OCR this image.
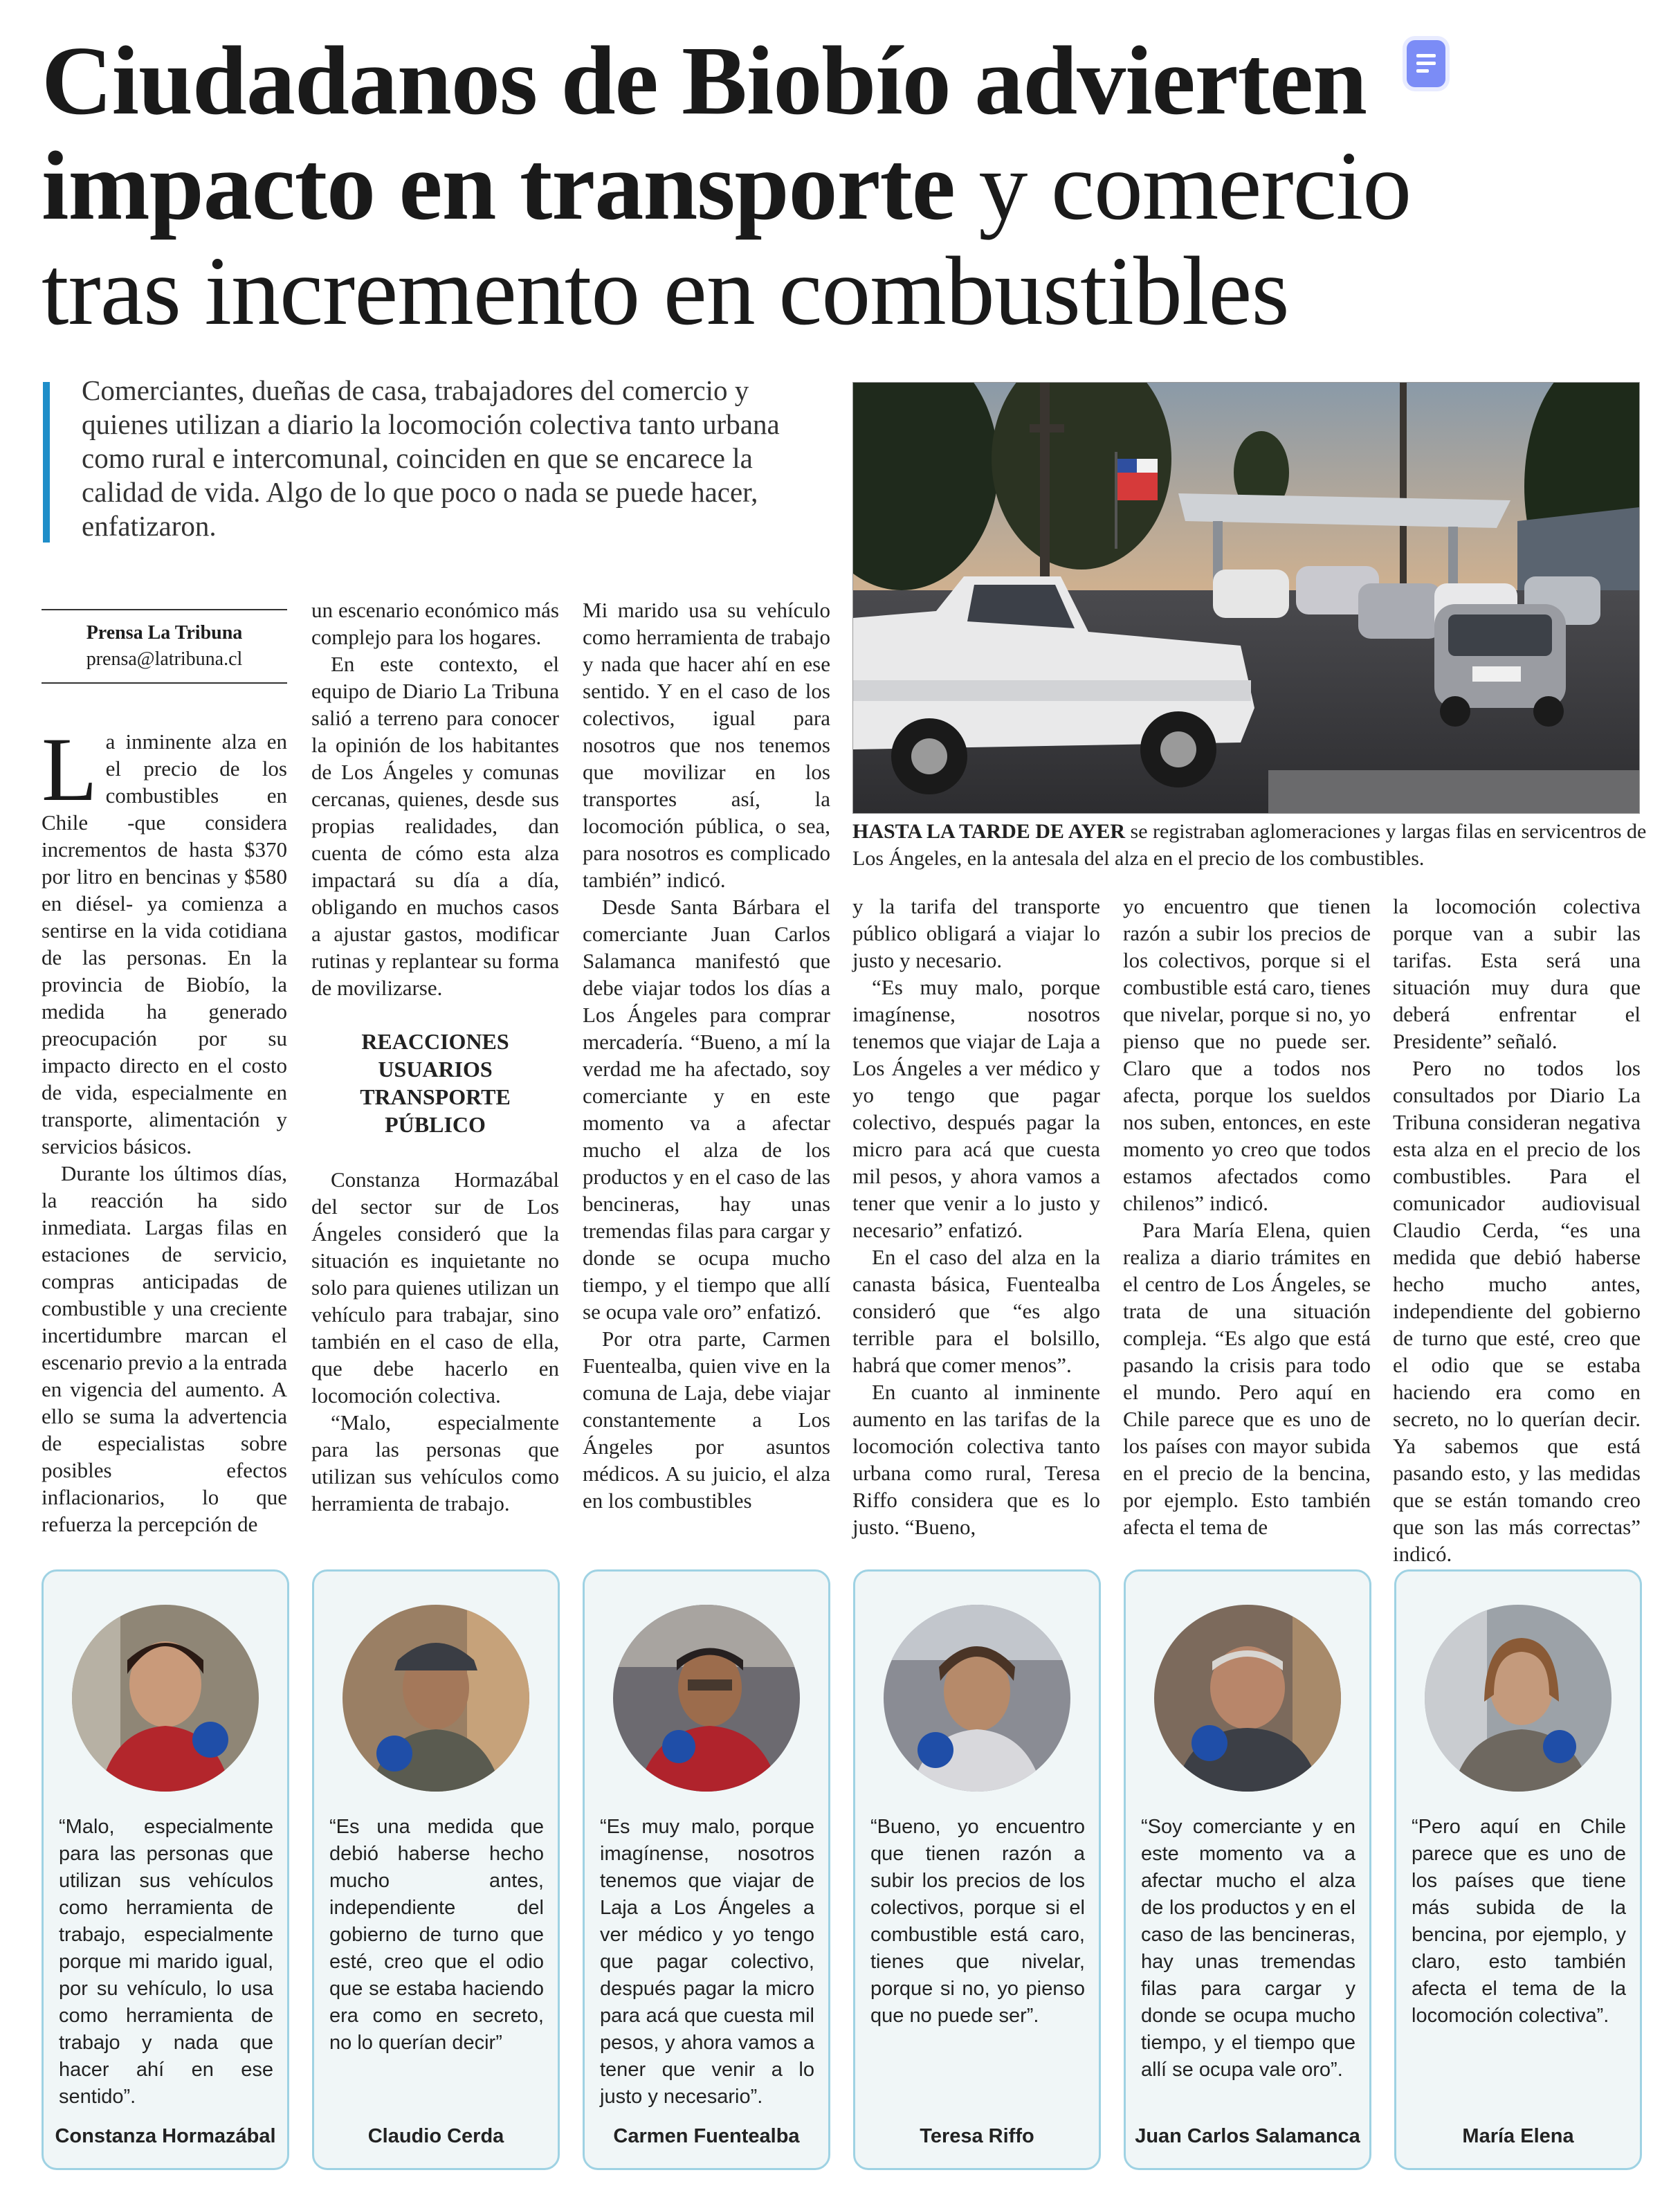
Ciudadanos de Biobío advierten
impacto en transporte y comercio
tras incremento en combustibles
Comerciantes, dueñas de casa, trabajadores del comercio y quienes utilizan a diario la locomoción colectiva tanto urbana como rural e intercomunal, coinciden en que se encarece la calidad de vida. Algo de lo que poco o nada se puede hacer, enfatizaron.
HASTA LA TARDE DE AYER se registraban aglomeraciones y largas filas en servicentros de Los Ángeles, en la antesala del alza en el precio de los combustibles.
Prensa La Tribuna
prensa@latribuna.cl

La inminente alza en el precio de los combustibles en Chile -que considera incrementos de hasta $370 por litro en bencinas y $580 en diésel- ya comienza a sentirse en la vida cotidiana de las personas. En la provincia de Biobío, la medida ha generado preocupación por su impacto directo en el costo de vida, especialmente en transporte, alimentación y servicios básicos.

Durante los últimos días, la reacción ha sido inmediata. Largas filas en estaciones de servicio, compras anticipadas de combustible y una creciente incertidumbre marcan el escenario previo a la entrada en vigencia del aumento. A ello se suma la advertencia de especialistas sobre posibles efectos inflacionarios, lo que refuerza la percepción de

un escenario económico más complejo para los hogares.

En este contexto, el equipo de Diario La Tribuna salió a terreno para conocer la opinión de los habitantes de Los Ángeles y comunas cercanas, quienes, desde sus propias realidades, dan cuenta de cómo esta alza impactará su día a día, obligando en muchos casos a ajustar gastos, modificar rutinas y replantear su forma de movilizarse.

REACCIONES
USUARIOS
TRANSPORTE PÚBLICO

Constanza Hormazábal del sector sur de Los Ángeles consideró que la situación es inquietante no solo para quienes utilizan un vehículo para trabajar, sino también en el caso de ella, que debe hacerlo en locomoción colectiva.

“Malo, especialmente para las personas que utilizan sus vehículos como herramienta de trabajo.

Mi marido usa su vehículo como herramienta de trabajo y nada que hacer ahí en ese sentido. Y en el caso de los colectivos, igual para nosotros que nos tenemos que movilizar en los transportes así, la locomoción pública, o sea, para nosotros es complicado también” indicó.

Desde Santa Bárbara el comerciante Juan Carlos Salamanca manifestó que debe viajar todos los días a Los Ángeles para comprar mercadería. “Bueno, a mí la verdad me ha afectado, soy comerciante y en este momento va a afectar mucho el alza de los productos y en el caso de las bencineras, hay unas tremendas filas para cargar y donde se ocupa mucho tiempo, y el tiempo que allí se ocupa vale oro” enfatizó.

Por otra parte, Carmen Fuentealba, quien vive en la comuna de Laja, debe viajar constantemente a Los Ángeles por asuntos médicos. A su juicio, el alza en los combustibles

y la tarifa del transporte público obligará a viajar lo justo y necesario.

“Es muy malo, porque imagínense, nosotros tenemos que viajar de Laja a Los Ángeles a ver médico y yo tengo que pagar colectivo, después pagar la micro para acá que cuesta mil pesos, y ahora vamos a tener que venir a lo justo y necesario” enfatizó.

En el caso del alza en la canasta básica, Fuentealba consideró que “es algo terrible para el bolsillo, habrá que comer menos”.

En cuanto al inminente aumento en las tarifas de la locomoción colectiva tanto urbana como rural, Teresa Riffo considera que es lo justo. “Bueno,

yo encuentro que tienen razón a subir los precios de los colectivos, porque si el combustible está caro, tienes que nivelar, porque si no, yo pienso que no puede ser. Claro que a todos nos afecta, porque los sueldos nos suben, entonces, en este momento yo creo que todos estamos afectados como chilenos” indicó.

Para María Elena, quien realiza a diario trámites en el centro de Los Ángeles, se trata de una situación compleja. “Es algo que está pasando la crisis para todo el mundo. Pero aquí en Chile parece que es uno de los países con mayor subida en el precio de la bencina, por ejemplo. Esto también afecta el tema de

la locomoción colectiva porque van a subir las tarifas. Esta será una situación muy dura que deberá enfrentar el Presidente” señaló.

Pero no todos los consultados por Diario La Tribuna consideran negativa esta alza en el precio de los combustibles. Para el comunicador audiovisual Claudio Cerda, “es una medida que debió haberse hecho mucho antes, independiente del gobierno de turno que esté, creo que el odio que se estaba haciendo era como en secreto, no lo querían decir. Ya sabemos que está pasando esto, y las medidas que se están tomando creo que son las más correctas” indicó.

“Malo, especialmente para las personas que utilizan sus vehículos como herramienta de trabajo, especialmente porque mi marido igual, por su vehículo, lo usa como herramienta de trabajo y nada que hacer ahí en ese sentido”.
Constanza Hormazábal
“Es una medida que debió haberse hecho mucho antes, independiente del gobierno de turno que esté, creo que el odio que se estaba haciendo era como en secreto, no lo querían decir”
Claudio Cerda
“Es muy malo, porque imagínense, nosotros tenemos que viajar de Laja a Los Ángeles a ver médico y yo tengo que pagar colectivo, después pagar la micro para acá que cuesta mil pesos, y ahora vamos a tener que venir a lo justo y necesario”.
Carmen Fuentealba
“Bueno, yo encuentro que tienen razón a subir los precios de los colectivos, porque si el combustible está caro, tienes que nivelar, porque si no, yo pienso que no puede ser”.
Teresa Riffo
“Soy comerciante y en este momento va a afectar mucho el alza de los productos y en el caso de las bencineras, hay unas tremendas filas para cargar y donde se ocupa mucho tiempo, y el tiempo que allí se ocupa vale oro”.
Juan Carlos Salamanca
“Pero aquí en Chile parece que es uno de los países que tiene más subida de la bencina, por ejemplo, y claro, esto también afecta el tema de la locomoción colectiva”.
María Elena
